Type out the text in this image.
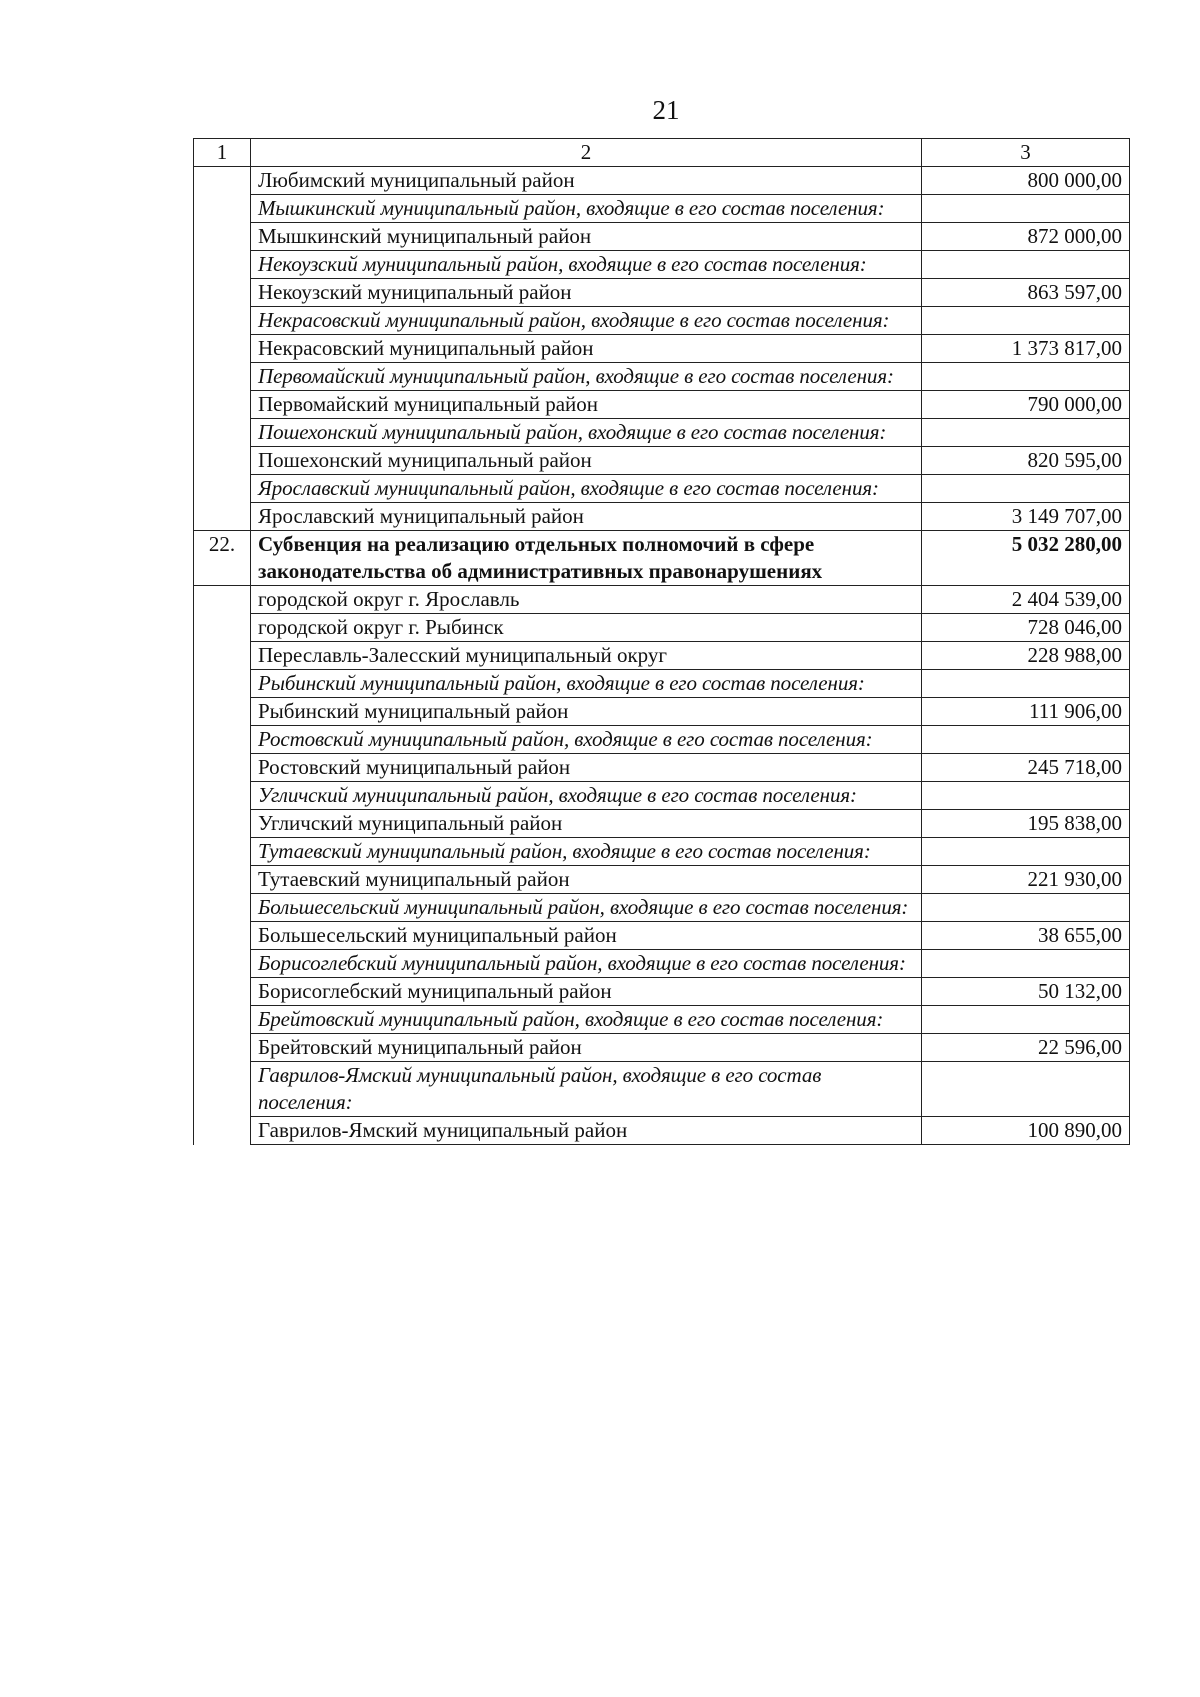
21
1	2	3
	Любимский муниципальный район	800 000,00
	Мышкинский муниципальный район, входящие в его состав поселения:	
	Мышкинский муниципальный район	872 000,00
	Некоузский муниципальный район, входящие в его состав поселения:	
	Некоузский муниципальный район	863 597,00
	Некрасовский муниципальный район, входящие в его состав поселения:	
	Некрасовский муниципальный район	1 373 817,00
	Первомайский муниципальный район, входящие в его состав поселения:	
	Первомайский муниципальный район	790 000,00
	Пошехонский муниципальный район, входящие в его состав поселения:	
	Пошехонский муниципальный район	820 595,00
	Ярославский муниципальный район, входящие в его состав поселения:	
	Ярославский муниципальный район	3 149 707,00
22.	Субвенция на реализацию отдельных полномочий в сфере законодательства об административных правонарушениях	5 032 280,00
	городской округ г. Ярославль	2 404 539,00
	городской округ г. Рыбинск	728 046,00
	Переславль-Залесский муниципальный округ	228 988,00
	Рыбинский муниципальный район, входящие в его состав поселения:	
	Рыбинский муниципальный район	111 906,00
	Ростовский муниципальный район, входящие в его состав поселения:	
	Ростовский муниципальный район	245 718,00
	Угличский муниципальный район, входящие в его состав поселения:	
	Угличский муниципальный район	195 838,00
	Тутаевский муниципальный район, входящие в его состав поселения:	
	Тутаевский муниципальный район	221 930,00
	Большесельский муниципальный район, входящие в его состав поселения:	
	Большесельский муниципальный район	38 655,00
	Борисоглебский муниципальный район, входящие в его состав поселения:	
	Борисоглебский муниципальный район	50 132,00
	Брейтовский муниципальный район, входящие в его состав поселения:	
	Брейтовский муниципальный район	22 596,00
	Гаврилов-Ямский муниципальный район, входящие в его состав поселения:	
	Гаврилов-Ямский муниципальный район	100 890,00
